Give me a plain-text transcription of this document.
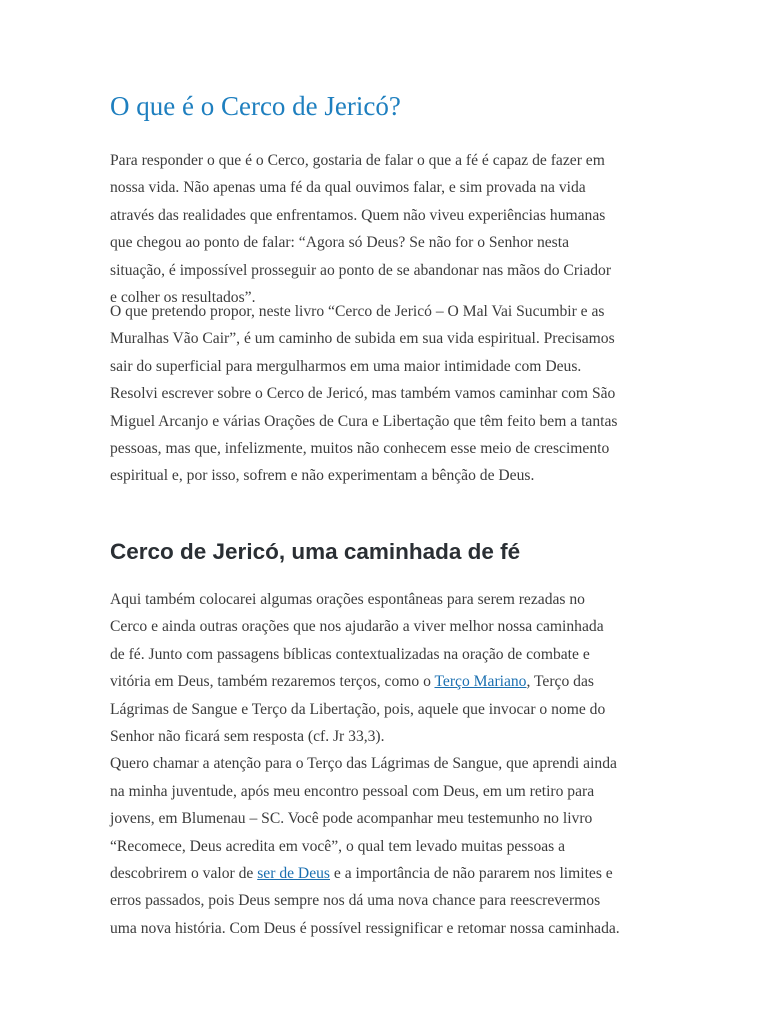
O que é o Cerco de Jericó?

Para responder o que é o Cerco, gostaria de falar o que a fé é capaz de fazer em
nossa vida. Não apenas uma fé da qual ouvimos falar, e sim provada na vida
através das realidades que enfrentamos. Quem não viveu experiências humanas
que chegou ao ponto de falar: “Agora só Deus? Se não for o Senhor nesta
situação, é impossível prosseguir ao ponto de se abandonar nas mãos do Criador
e colher os resultados”.

O que pretendo propor, neste livro “Cerco de Jericó – O Mal Vai Sucumbir e as
Muralhas Vão Cair”, é um caminho de subida em sua vida espiritual. Precisamos
sair do superficial para mergulharmos em uma maior intimidade com Deus.
Resolvi escrever sobre o Cerco de Jericó, mas também vamos caminhar com São
Miguel Arcanjo e várias Orações de Cura e Libertação que têm feito bem a tantas
pessoas, mas que, infelizmente, muitos não conhecem esse meio de crescimento
espiritual e, por isso, sofrem e não experimentam a bênção de Deus.

Cerco de Jericó, uma caminhada de fé

Aqui também colocarei algumas orações espontâneas para serem rezadas no
Cerco e ainda outras orações que nos ajudarão a viver melhor nossa caminhada
de fé. Junto com passagens bíblicas contextualizadas na oração de combate e
vitória em Deus, também rezaremos terços, como o Terço Mariano, Terço das
Lágrimas de Sangue e Terço da Libertação, pois, aquele que invocar o nome do
Senhor não ficará sem resposta (cf. Jr 33,3).
Quero chamar a atenção para o Terço das Lágrimas de Sangue, que aprendi ainda
na minha juventude, após meu encontro pessoal com Deus, em um retiro para
jovens, em Blumenau – SC. Você pode acompanhar meu testemunho no livro
“Recomece, Deus acredita em você”, o qual tem levado muitas pessoas a
descobrirem o valor de ser de Deus e a importância de não pararem nos limites e
erros passados, pois Deus sempre nos dá uma nova chance para reescrevermos
uma nova história. Com Deus é possível ressignificar e retomar nossa caminhada.
